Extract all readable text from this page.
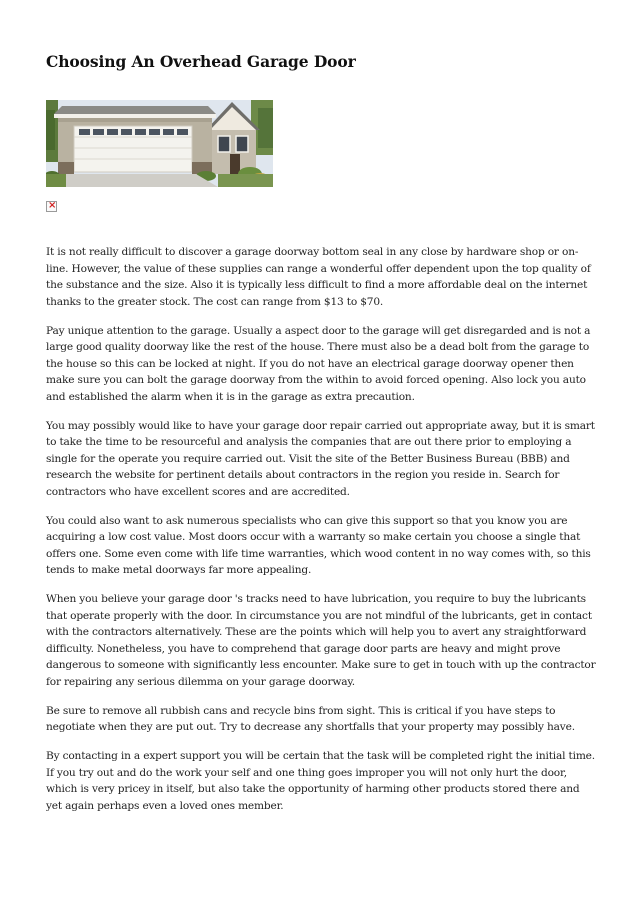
Choosing An Overhead Garage Door
×

It is not really difficult to discover a garage doorway bottom seal in any close by hardware shop or on-line. However, the value of these supplies can range a wonderful offer dependent upon the top quality of the substance and the size. Also it is typically less difficult to find a more affordable deal on the internet thanks to the greater stock. The cost can range from $13 to $70.

Pay unique attention to the garage. Usually a aspect door to the garage will get disregarded and is not a large good quality doorway like the rest of the house. There must also be a dead bolt from the garage to the house so this can be locked at night. If you do not have an electrical garage doorway opener then make sure you can bolt the garage doorway from the within to avoid forced opening. Also lock you auto and established the alarm when it is in the garage as extra precaution.

You may possibly would like to have your garage door repair carried out appropriate away, but it is smart to take the time to be resourceful and analysis the companies that are out there prior to employing a single for the operate you require carried out. Visit the site of the Better Business Bureau (BBB) and research the website for pertinent details about contractors in the region you reside in. Search for contractors who have excellent scores and are accredited.

You could also want to ask numerous specialists who can give this support so that you know you are acquiring a low cost value. Most doors occur with a warranty so make certain you choose a single that offers one. Some even come with life time warranties, which wood content in no way comes with, so this tends to make metal doorways far more appealing.

When you believe your garage door 's tracks need to have lubrication, you require to buy the lubricants that operate properly with the door. In circumstance you are not mindful of the lubricants, get in contact with the contractors alternatively. These are the points which will help you to avert any straightforward difficulty. Nonetheless, you have to comprehend that garage door parts are heavy and might prove dangerous to someone with significantly less encounter. Make sure to get in touch with up the contractor for repairing any serious dilemma on your garage doorway.

Be sure to remove all rubbish cans and recycle bins from sight. This is critical if you have steps to negotiate when they are put out. Try to decrease any shortfalls that your property may possibly have.

By contacting in a expert support you will be certain that the task will be completed right the initial time. If you try out and do the work your self and one thing goes improper you will not only hurt the door, which is very pricey in itself, but also take the opportunity of harming other products stored there and yet again perhaps even a loved ones member.
